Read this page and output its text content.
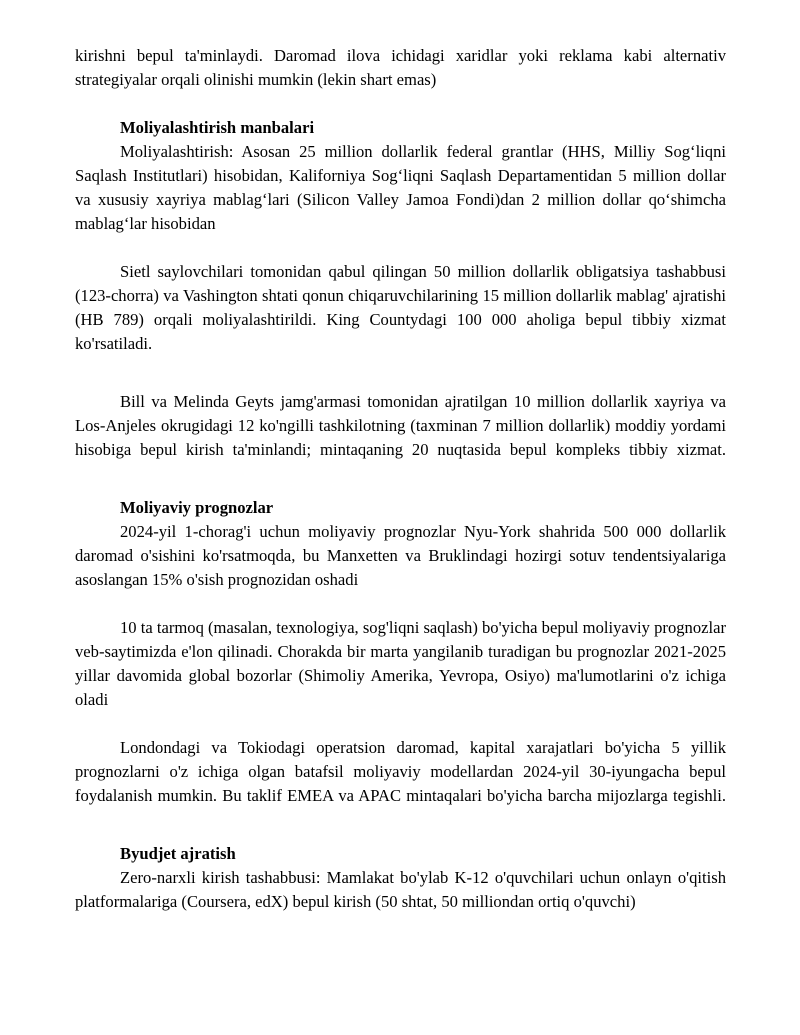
kirishni bepul ta'minlaydi. Daromad ilova ichidagi xaridlar yoki reklama kabi alternativ strategiyalar orqali olinishi mumkin (lekin shart emas)

Moliyalashtirish manbalari

Moliyalashtirish: Asosan 25 million dollarlik federal grantlar (HHS, Milliy Sog‘liqni Saqlash Institutlari) hisobidan, Kaliforniya Sog‘liqni Saqlash Departamentidan 5 million dollar va xususiy xayriya mablag‘lari (Silicon Valley Jamoa Fondi)dan 2 million dollar qo‘shimcha mablag‘lar hisobidan

Sietl saylovchilari tomonidan qabul qilingan 50 million dollarlik obligatsiya tashabbusi (123-chorra) va Vashington shtati qonun chiqaruvchilarining 15 million dollarlik mablag' ajratishi (HB 789) orqali moliyalashtirildi. King Countydagi 100 000 aholiga bepul tibbiy xizmat ko'rsatiladi.

Bill va Melinda Geyts jamg'armasi tomonidan ajratilgan 10 million dollarlik xayriya va Los-Anjeles okrugidagi 12 ko'ngilli tashkilotning (taxminan 7 million dollarlik) moddiy yordami hisobiga bepul kirish ta'minlandi; mintaqaning 20 nuqtasida bepul kompleks tibbiy xizmat.

Moliyaviy prognozlar

2024-yil 1-chorag'i uchun moliyaviy prognozlar Nyu-York shahrida 500 000 dollarlik daromad o'sishini ko'rsatmoqda, bu Manxetten va Bruklindagi hozirgi sotuv tendentsiyalariga asoslangan 15% o'sish prognozidan oshadi

10 ta tarmoq (masalan, texnologiya, sog'liqni saqlash) bo'yicha bepul moliyaviy prognozlar veb-saytimizda e'lon qilinadi. Chorakda bir marta yangilanib turadigan bu prognozlar 2021-2025 yillar davomida global bozorlar (Shimoliy Amerika, Yevropa, Osiyo) ma'lumotlarini o'z ichiga oladi

Londondagi va Tokiodagi operatsion daromad, kapital xarajatlari bo'yicha 5 yillik prognozlarni o'z ichiga olgan batafsil moliyaviy modellardan 2024-yil 30-iyungacha bepul foydalanish mumkin. Bu taklif EMEA va APAC mintaqalari bo'yicha barcha mijozlarga tegishli.

Byudjet ajratish

Zero-narxli kirish tashabbusi: Mamlakat bo'ylab K-12 o'quvchilari uchun onlayn o'qitish platformalariga (Coursera, edX) bepul kirish (50 shtat, 50 milliondan ortiq o'quvchi)
